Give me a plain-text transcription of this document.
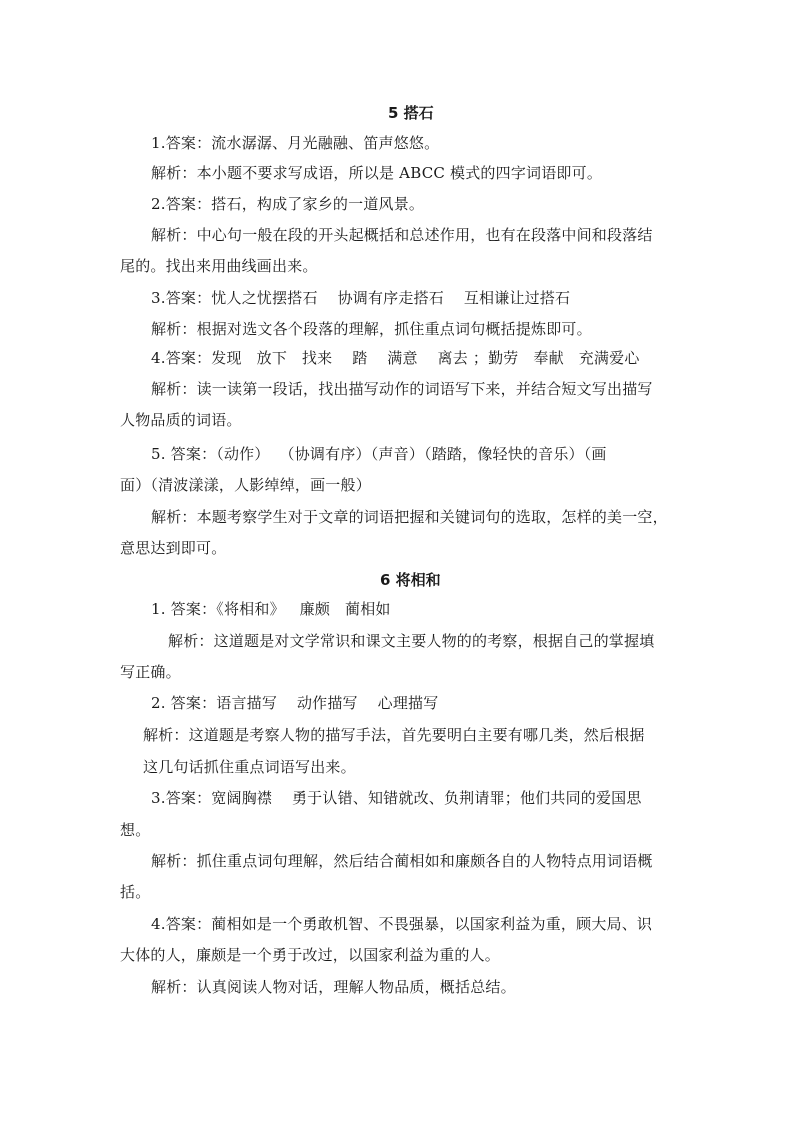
5 搭石
1.答案：流水潺潺、月光融融、笛声悠悠。
解析：本小题不要求写成语，所以是 ABCC 模式的四字词语即可。
2.答案：搭石，构成了家乡的一道风景。
解析：中心句一般在段的开头起概括和总述作用，也有在段落中间和段落结
尾的。找出来用曲线画出来。
3.答案：忧人之忧摆搭石    协调有序走搭石    互相谦让过搭石
解析：根据对选文各个段落的理解，抓住重点词句概括提炼即可。
4.答案：发现   放下   找来    踏    满意    离去 ；勤劳   奉献   充满爱心
解析：读一读第一段话，找出描写动作的词语写下来，并结合短文写出描写
人物品质的词语。
5. 答案：（动作）  （协调有序）（声音）（踏踏，像轻快的音乐）（画
面）（清波漾漾，人影绰绰，画一般）
解析：本题考察学生对于文章的词语把握和关键词句的选取，怎样的美一空，
意思达到即可。
6 将相和
1. 答案：《将相和》   廉颇   蔺相如
解析：这道题是对文学常识和课文主要人物的的考察，根据自己的掌握填
写正确。
2. 答案：语言描写    动作描写    心理描写
解析：这道题是考察人物的描写手法，首先要明白主要有哪几类，然后根据
这几句话抓住重点词语写出来。
3.答案：宽阔胸襟    勇于认错、知错就改、负荆请罪；他们共同的爱国思
想。
解析：抓住重点词句理解，然后结合蔺相如和廉颇各自的人物特点用词语概
括。
4.答案：蔺相如是一个勇敢机智、不畏强暴，以国家利益为重，顾大局、识
大体的人，廉颇是一个勇于改过，以国家利益为重的人。
解析：认真阅读人物对话，理解人物品质，概括总结。
